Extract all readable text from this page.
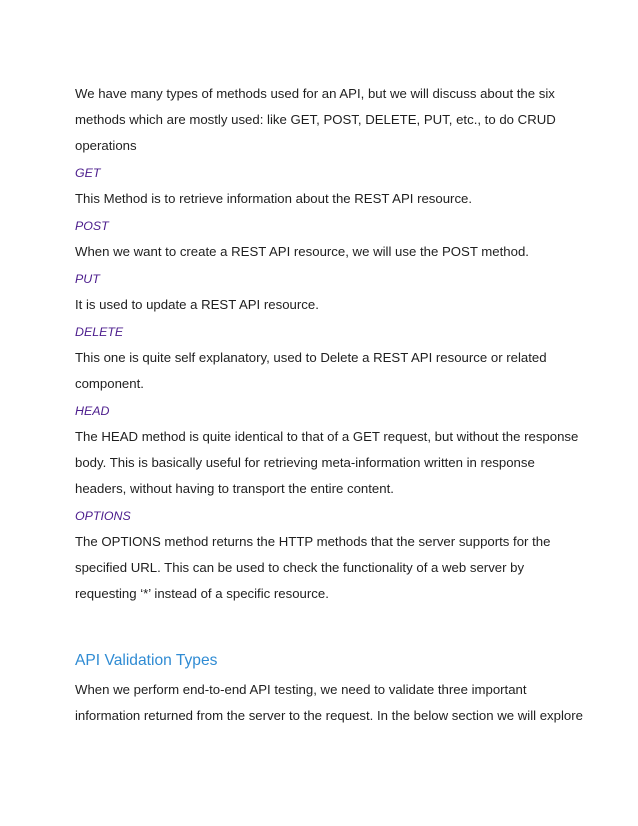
We have many types of methods used for an API, but we will discuss about the six
methods which are mostly used: like GET, POST, DELETE, PUT, etc., to do CRUD
operations
GET
This Method is to retrieve information about the REST API resource.
POST
When we want to create a REST API resource, we will use the POST method.
PUT
It is used to update a REST API resource.
DELETE
This one is quite self explanatory, used to Delete a REST API resource or related
component.
HEAD
The HEAD method is quite identical to that of a GET request, but without the response
body. This is basically useful for retrieving meta-information written in response
headers, without having to transport the entire content.
OPTIONS
The OPTIONS method returns the HTTP methods that the server supports for the
specified URL. This can be used to check the functionality of a web server by
requesting ‘*’ instead of a specific resource.
API Validation Types
When we perform end-to-end API testing, we need to validate three important
information returned from the server to the request. In the below section we will explore
